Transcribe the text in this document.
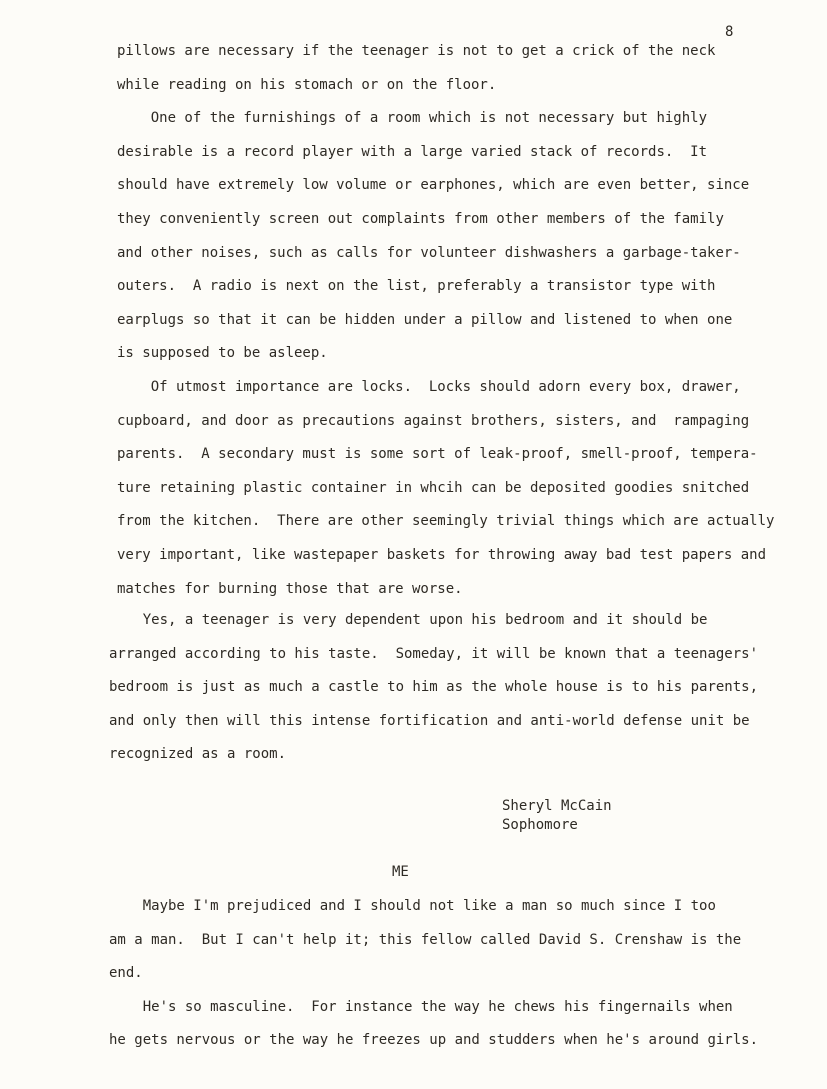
8
pillows are necessary if the teenager is not to get a crick of the neck
while reading on his stomach or on the floor.
One of the furnishings of a room which is not necessary but highly
desirable is a record player with a large varied stack of records.  It
should have extremely low volume or earphones, which are even better, since
they conveniently screen out complaints from other members of the family
and other noises, such as calls for volunteer dishwashers a garbage-taker-
outers.  A radio is next on the list, preferably a transistor type with
earplugs so that it can be hidden under a pillow and listened to when one
is supposed to be asleep.
Of utmost importance are locks.  Locks should adorn every box, drawer,
cupboard, and door as precautions against brothers, sisters, and  rampaging
parents.  A secondary must is some sort of leak-proof, smell-proof, tempera-
ture retaining plastic container in whcih can be deposited goodies snitched
from the kitchen.  There are other seemingly trivial things which are actually
very important, like wastepaper baskets for throwing away bad test papers and
matches for burning those that are worse.
Yes, a teenager is very dependent upon his bedroom and it should be
arranged according to his taste.  Someday, it will be known that a teenagers'
bedroom is just as much a castle to him as the whole house is to his parents,
and only then will this intense fortification and anti-world defense unit be
recognized as a room.
Sheryl McCain
Sophomore
ME
Maybe I'm prejudiced and I should not like a man so much since I too
am a man.  But I can't help it; this fellow called David S. Crenshaw is the
end.
He's so masculine.  For instance the way he chews his fingernails when
he gets nervous or the way he freezes up and studders when he's around girls.
